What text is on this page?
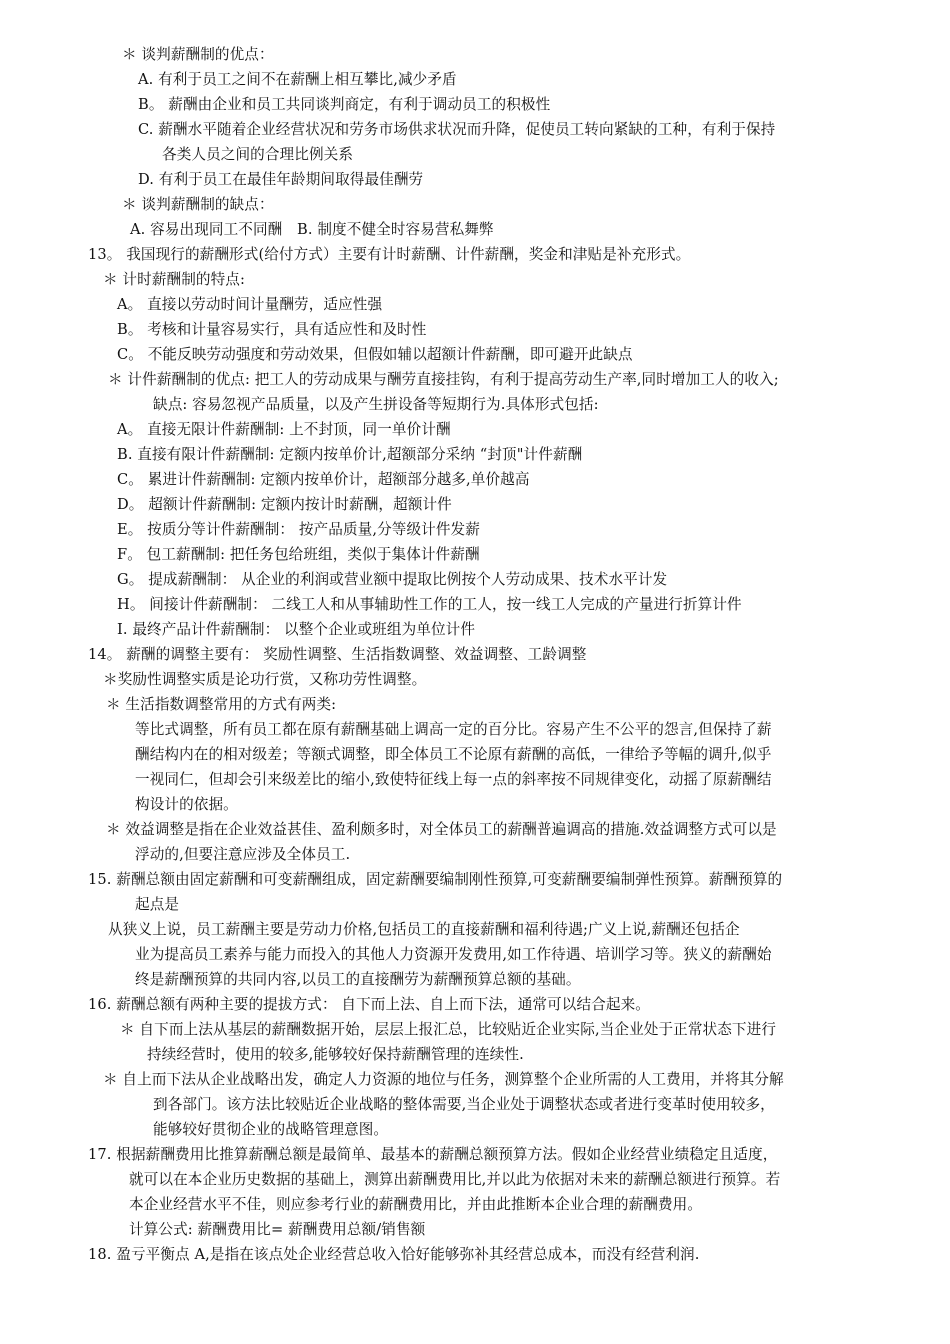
＊ 谈判薪酬制的优点：
A. 有利于员工之间不在薪酬上相互攀比,减少矛盾
B。 薪酬由企业和员工共同谈判商定，有利于调动员工的积极性
C. 薪酬水平随着企业经营状况和劳务市场供求状况而升降，促使员工转向紧缺的工种，有利于保持
各类人员之间的合理比例关系
D. 有利于员工在最佳年龄期间取得最佳酬劳
＊ 谈判薪酬制的缺点：
A. 容易出现同工不同酬　B. 制度不健全时容易营私舞弊
13。 我国现行的薪酬形式(给付方式）主要有计时薪酬、计件薪酬，奖金和津贴是补充形式。
＊ 计时薪酬制的特点:
A。 直接以劳动时间计量酬劳，适应性强
B。 考核和计量容易实行，具有适应性和及时性
C。 不能反映劳动强度和劳动效果，但假如辅以超额计件薪酬，即可避开此缺点
＊ 计件薪酬制的优点: 把工人的劳动成果与酬劳直接挂钩，有利于提高劳动生产率,同时增加工人的收入;
缺点: 容易忽视产品质量，以及产生拼设备等短期行为.具体形式包括:
A。 直接无限计件薪酬制: 上不封顶，同一单价计酬
B. 直接有限计件薪酬制: 定额内按单价计,超额部分采纳 “封顶"计件薪酬
C。 累进计件薪酬制: 定额内按单价计，超额部分越多,单价越高
D。 超额计件薪酬制: 定额内按计时薪酬，超额计件
E。 按质分等计件薪酬制： 按产品质量,分等级计件发薪
F。 包工薪酬制: 把任务包给班组，类似于集体计件薪酬
G。 提成薪酬制： 从企业的利润或营业额中提取比例按个人劳动成果、技术水平计发
H。 间接计件薪酬制： 二线工人和从事辅助性工作的工人，按一线工人完成的产量进行折算计件
I. 最终产品计件薪酬制： 以整个企业或班组为单位计件
14。 薪酬的调整主要有： 奖励性调整、生活指数调整、效益调整、工龄调整
＊奖励性调整实质是论功行赏，又称功劳性调整。
＊ 生活指数调整常用的方式有两类:
等比式调整，所有员工都在原有薪酬基础上调高一定的百分比。容易产生不公平的怨言,但保持了薪
酬结构内在的相对级差；等额式调整，即全体员工不论原有薪酬的高低，一律给予等幅的调升,似乎
一视同仁，但却会引来级差比的缩小,致使特征线上每一点的斜率按不同规律变化，动摇了原薪酬结
构设计的依据。
＊ 效益调整是指在企业效益甚佳、盈利颇多时，对全体员工的薪酬普遍调高的措施.效益调整方式可以是
浮动的,但要注意应涉及全体员工.
15. 薪酬总额由固定薪酬和可变薪酬组成，固定薪酬要编制刚性预算,可变薪酬要编制弹性预算。薪酬预算的
起点是
从狭义上说，员工薪酬主要是劳动力价格,包括员工的直接薪酬和福利待遇;广义上说,薪酬还包括企
业为提高员工素养与能力而投入的其他人力资源开发费用,如工作待遇、培训学习等。狭义的薪酬始
终是薪酬预算的共同内容,以员工的直接酬劳为薪酬预算总额的基础。
16. 薪酬总额有两种主要的提拔方式： 自下而上法、自上而下法，通常可以结合起来。
＊ 自下而上法从基层的薪酬数据开始，层层上报汇总，比较贴近企业实际,当企业处于正常状态下进行
持续经营时，使用的较多,能够较好保持薪酬管理的连续性.
＊ 自上而下法从企业战略出发，确定人力资源的地位与任务，测算整个企业所需的人工费用，并将其分解
到各部门。该方法比较贴近企业战略的整体需要,当企业处于调整状态或者进行变革时使用较多，
能够较好贯彻企业的战略管理意图。
17. 根据薪酬费用比推算薪酬总额是最简单、最基本的薪酬总额预算方法。假如企业经营业绩稳定且适度，
就可以在本企业历史数据的基础上，测算出薪酬费用比,并以此为依据对未来的薪酬总额进行预算。若
本企业经营水平不佳，则应参考行业的薪酬费用比，并由此推断本企业合理的薪酬费用。
计算公式: 薪酬费用比= 薪酬费用总额/销售额
18. 盈亏平衡点 A,是指在该点处企业经营总收入恰好能够弥补其经营总成本，而没有经营利润.
